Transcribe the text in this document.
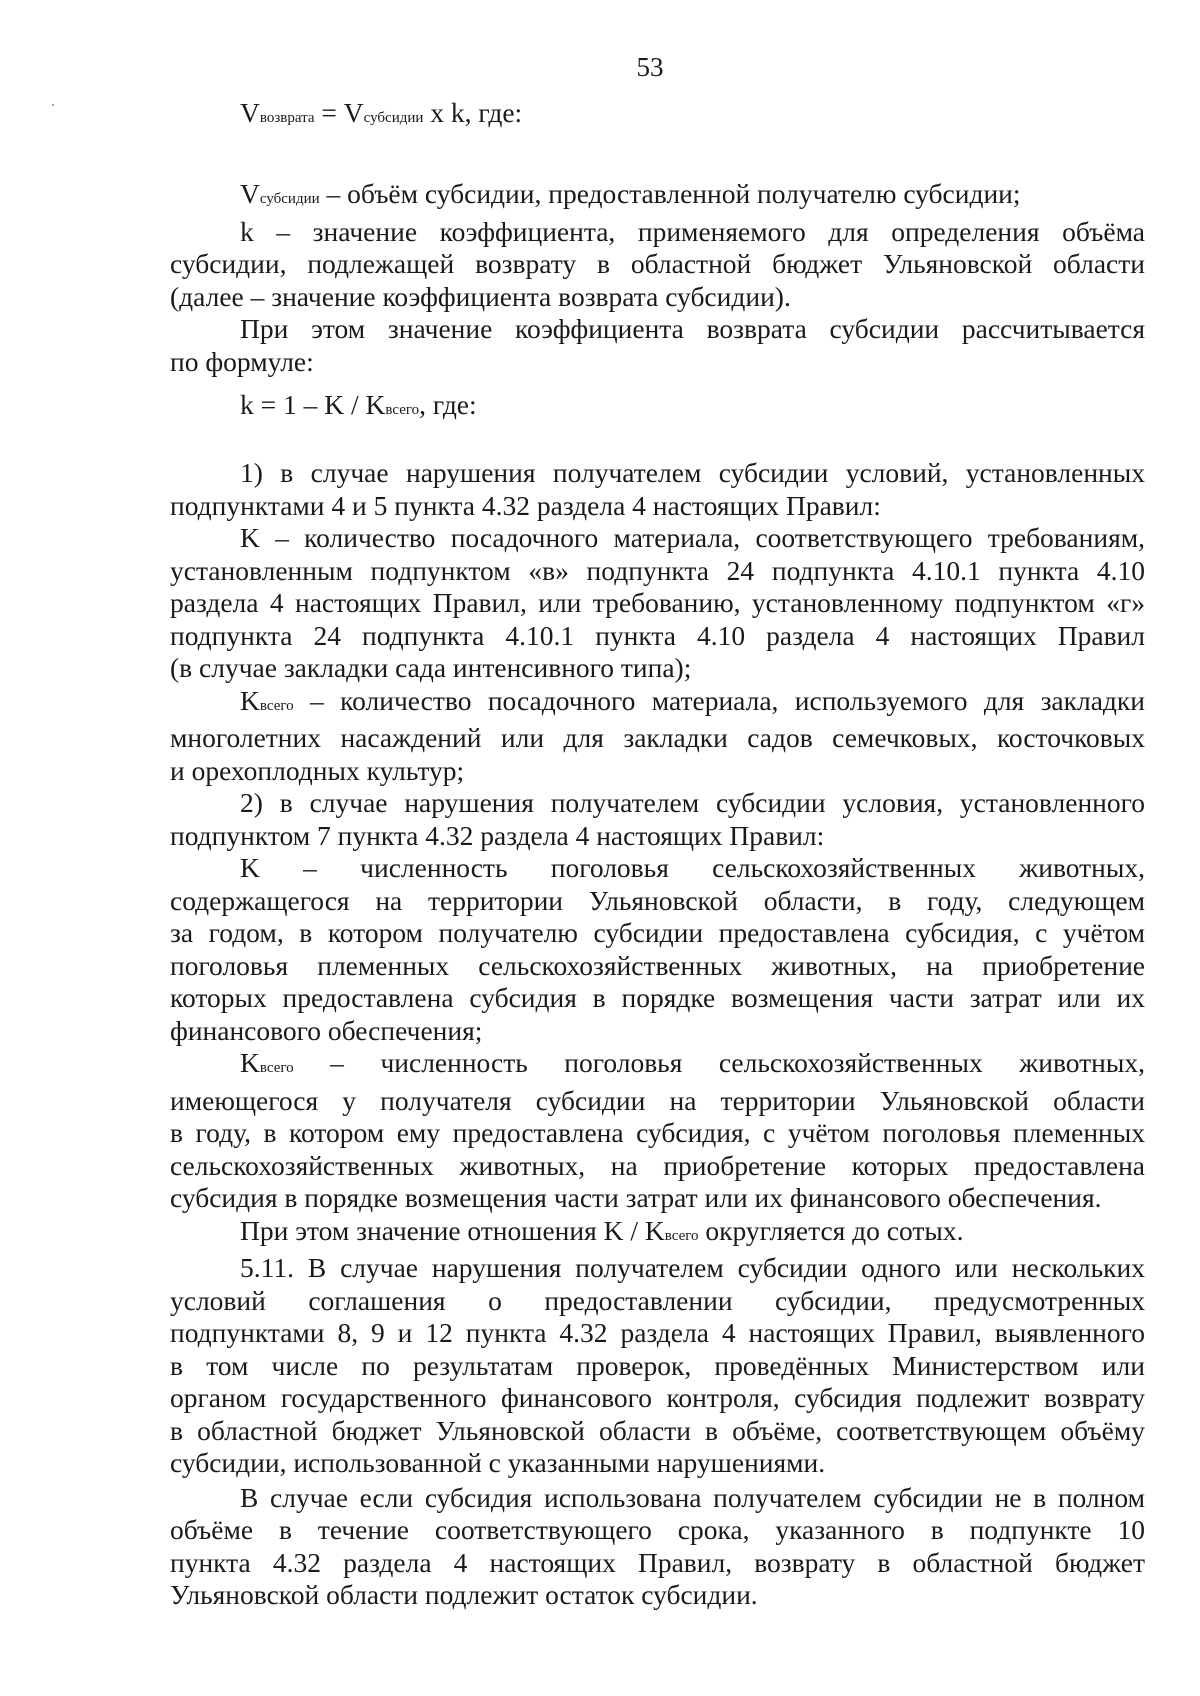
53
Vвозврата = Vсубсидии x k, где:

Vсубсидии – объём субсидии, предоставленной получателю субсидии;

k – значение коэффициента, применяемого для определения объёма

субсидии, подлежащей возврату в областной бюджет Ульяновской области

(далее – значение коэффициента возврата субсидии).

При этом значение коэффициента возврата субсидии рассчитывается

по формуле:

k = 1 – K / Kвсего, где:

1) в случае нарушения получателем субсидии условий, установленных

подпунктами 4 и 5 пункта 4.32 раздела 4 настоящих Правил:

K – количество посадочного материала, соответствующего требованиям,

установленным подпунктом «в» подпункта 24 подпункта 4.10.1 пункта 4.10

раздела 4 настоящих Правил, или требованию, установленному подпунктом «г»

подпункта 24 подпункта 4.10.1 пункта 4.10 раздела 4 настоящих Правил

(в случае закладки сада интенсивного типа);

Kвсего – количество посадочного материала, используемого для закладки

многолетних насаждений или для закладки садов семечковых, косточковых

и орехоплодных культур;

2) в случае нарушения получателем субсидии условия, установленного

подпунктом 7 пункта 4.32 раздела 4 настоящих Правил:

K – численность поголовья сельскохозяйственных животных,

содержащегося на территории Ульяновской области, в году, следующем

за годом, в котором получателю субсидии предоставлена субсидия, с учётом

поголовья племенных сельскохозяйственных животных, на приобретение

которых предоставлена субсидия в порядке возмещения части затрат или их

финансового обеспечения;

Kвсего – численность поголовья сельскохозяйственных животных,

имеющегося у получателя субсидии на территории Ульяновской области

в году, в котором ему предоставлена субсидия, с учётом поголовья племенных

сельскохозяйственных животных, на приобретение которых предоставлена

субсидия в порядке возмещения части затрат или их финансового обеспечения.

При этом значение отношения K / Kвсего округляется до сотых.

5.11. В случае нарушения получателем субсидии одного или нескольких

условий соглашения о предоставлении субсидии, предусмотренных

подпунктами 8, 9 и 12 пункта 4.32 раздела 4 настоящих Правил, выявленного

в том числе по результатам проверок, проведённых Министерством или

органом государственного финансового контроля, субсидия подлежит возврату

в областной бюджет Ульяновской области в объёме, соответствующем объёму

субсидии, использованной с указанными нарушениями.

В случае если субсидия использована получателем субсидии не в полном

объёме в течение соответствующего срока, указанного в подпункте 10

пункта 4.32 раздела 4 настоящих Правил, возврату в областной бюджет

Ульяновской области подлежит остаток субсидии.
